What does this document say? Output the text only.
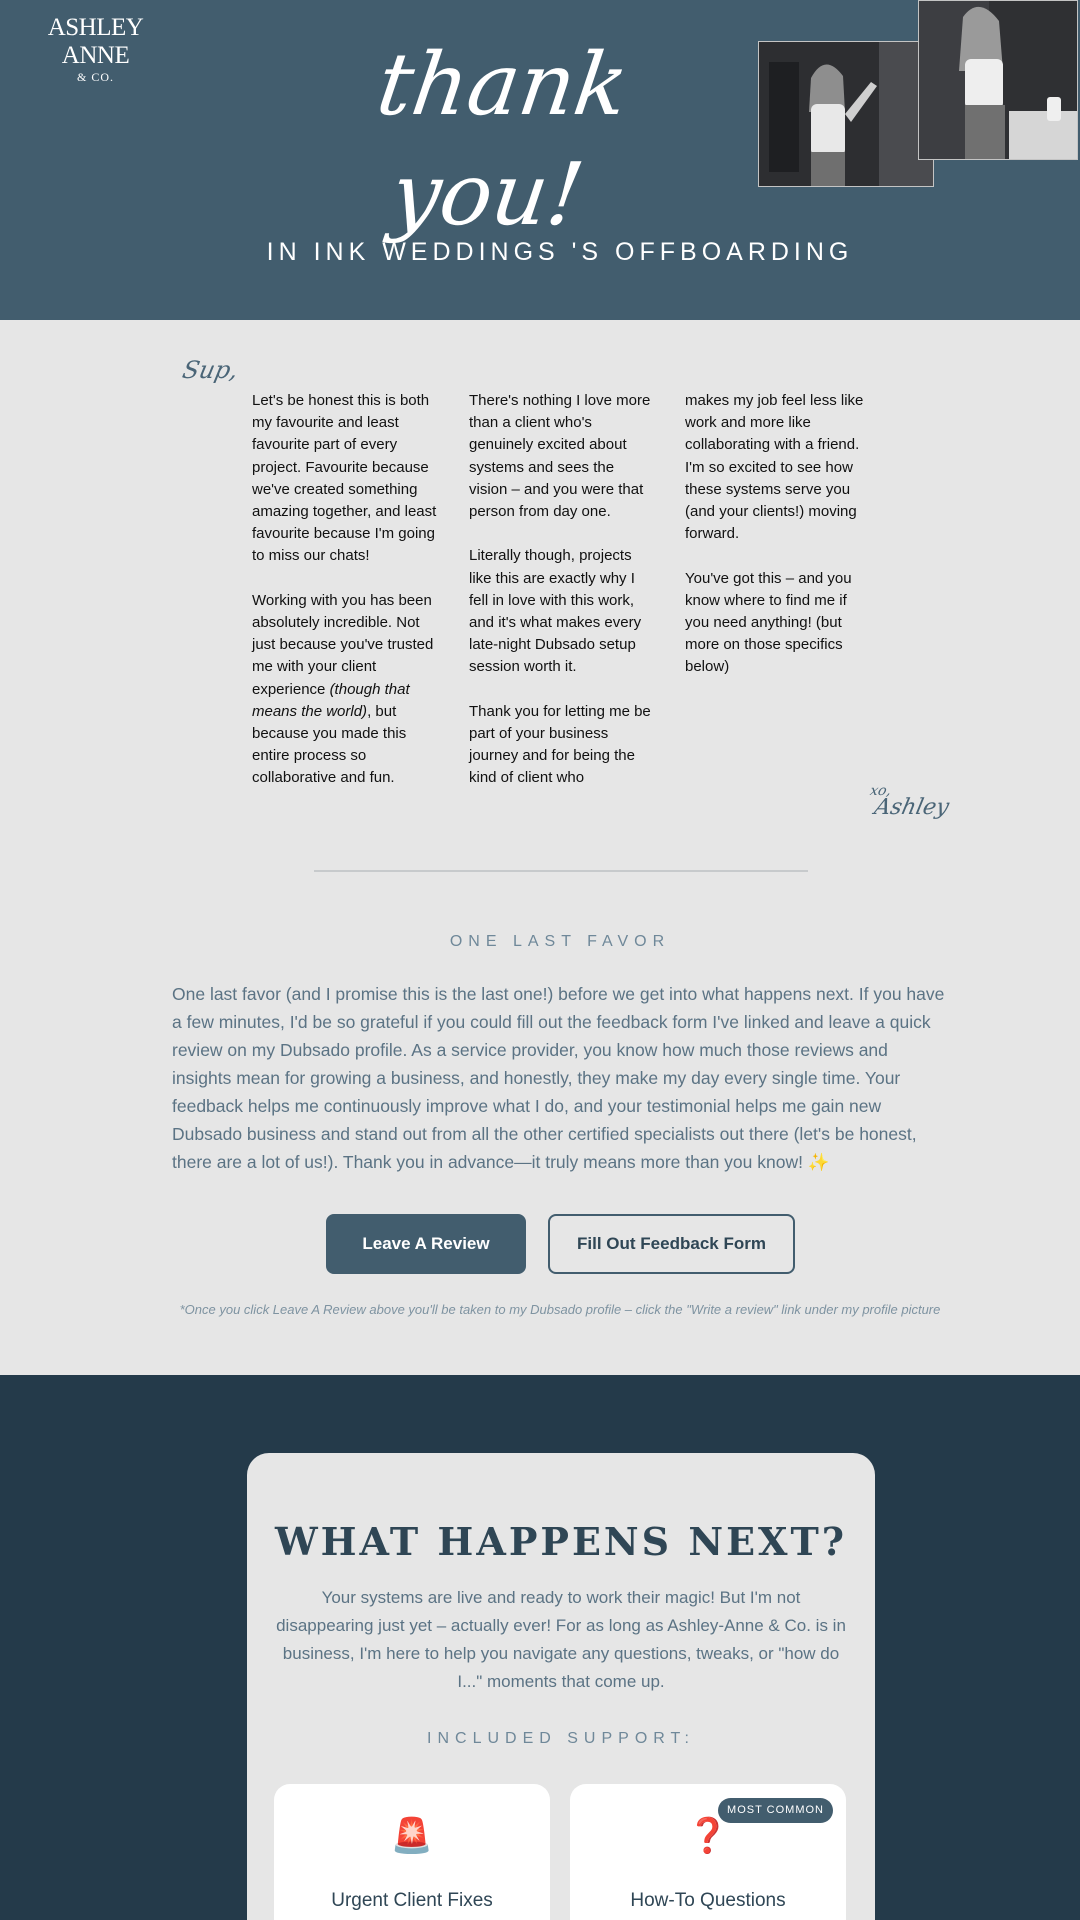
ASHLEY ANNE
& CO.	thank you!
IN INK WEDDINGS 'S OFFBOARDING
Sup,

Let's be honest this is both my favourite and least favourite part of every project. Favourite because we've created something amazing together, and least favourite because I'm going to miss our chats!

Working with you has been absolutely incredible. Not just because you've trusted me with your client experience (though that means the world), but because you made this entire process so collaborative and fun.

There's nothing I love more than a client who's genuinely excited about systems and sees the vision – and you were that person from day one.

Literally though, projects like this are exactly why I fell in love with this work, and it's what makes every late-night Dubsado setup session worth it.

Thank you for letting me be part of your business journey and for being the kind of client who

makes my job feel less like work and more like collaborating with a friend. I'm so excited to see how these systems serve you (and your clients!) moving forward.

You've got this – and you know where to find me if you need anything! (but more on those specifics below)

xo,
Ashley
ONE LAST FAVOR

One last favor (and I promise this is the last one!) before we get into what happens next. If you have a few minutes, I'd be so grateful if you could fill out the feedback form I've linked and leave a quick review on my Dubsado profile. As a service provider, you know how much those reviews and insights mean for growing a business, and honestly, they make my day every single time. Your feedback helps me continuously improve what I do, and your testimonial helps me gain new Dubsado business and stand out from all the other certified specialists out there (let's be honest, there are a lot of us!). Thank you in advance—it truly means more than you know! ✨

Leave A Review	Fill Out Feedback Form
*Once you click Leave A Review above you'll be taken to my Dubsado profile – click the "Write a review" link under my profile picture
WHAT HAPPENS NEXT?

Your systems are live and ready to work their magic! But I'm not disappearing just yet – actually ever! For as long as Ashley-Anne & Co. is in business, I'm here to help you navigate any questions, tweaks, or "how do I..." moments that come up.

INCLUDED SUPPORT:
🚨
Urgent Client Fixes
MOST COMMON
❓
How-To Questions
